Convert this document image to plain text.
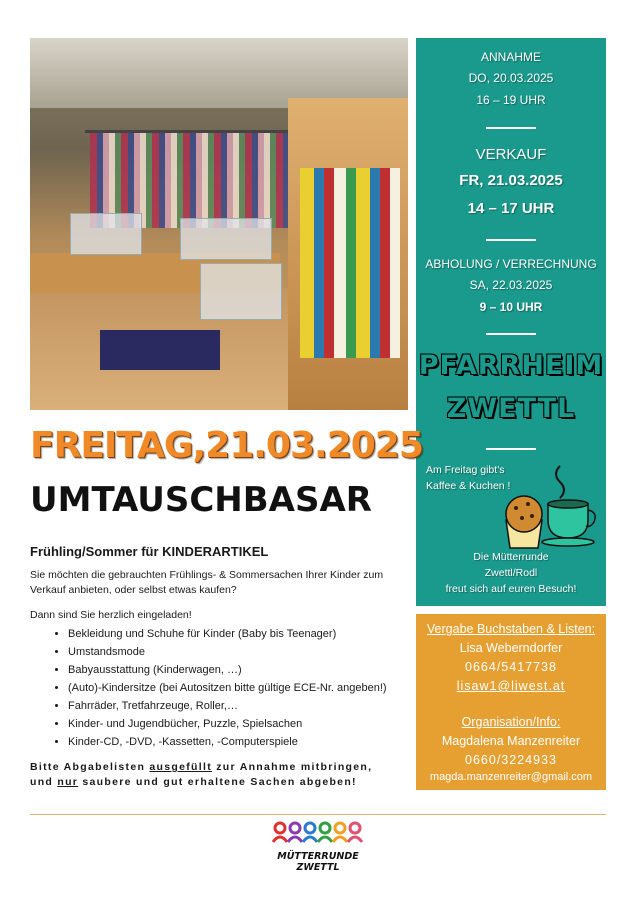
ANNAHME
DO, 20.03.2025
16 – 19 UHR
VERKAUF
FR, 21.03.2025
14 – 17 UHR
ABHOLUNG / VERRECHNUNG
SA, 22.03.2025
9 – 10 UHR
PFARRHEIM
ZWETTL
Am Freitag gibt's
Kaffee & Kuchen !
Die Mütterrunde
Zwettl/Rodl
freut sich auf euren Besuch!
Vergabe Buchstaben & Listen:
Lisa Weberndorfer
0664/5417738
lisaw1@liwest.at
Organisation/Info:
Magdalena Manzenreiter
0660/3224933
magda.manzenreiter@gmail.com
FREITAG,21.03.2025
UMTAUSCHBASAR
Frühling/Sommer für KINDERARTIKEL
Sie möchten die gebrauchten Frühlings- & Sommersachen Ihrer Kinder zum Verkauf anbieten, oder selbst etwas kaufen?
Dann sind Sie herzlich eingeladen!
• Bekleidung und Schuhe für Kinder (Baby bis Teenager)
• Umstandsmode
• Babyausstattung (Kinderwagen, …)
• (Auto)-Kindersitze (bei Autositzen bitte gültige ECE-Nr. angeben!)
• Fahrräder, Tretfahrzeuge, Roller,…
• Kinder- und Jugendbücher, Puzzle, Spielsachen
• Kinder-CD, -DVD, -Kassetten, -Computerspiele
Bitte Abgabelisten ausgefüllt zur Annahme mitbringen,
und nur saubere und gut erhaltene Sachen abgeben!
MÜTTERRUNDE
ZWETTL
